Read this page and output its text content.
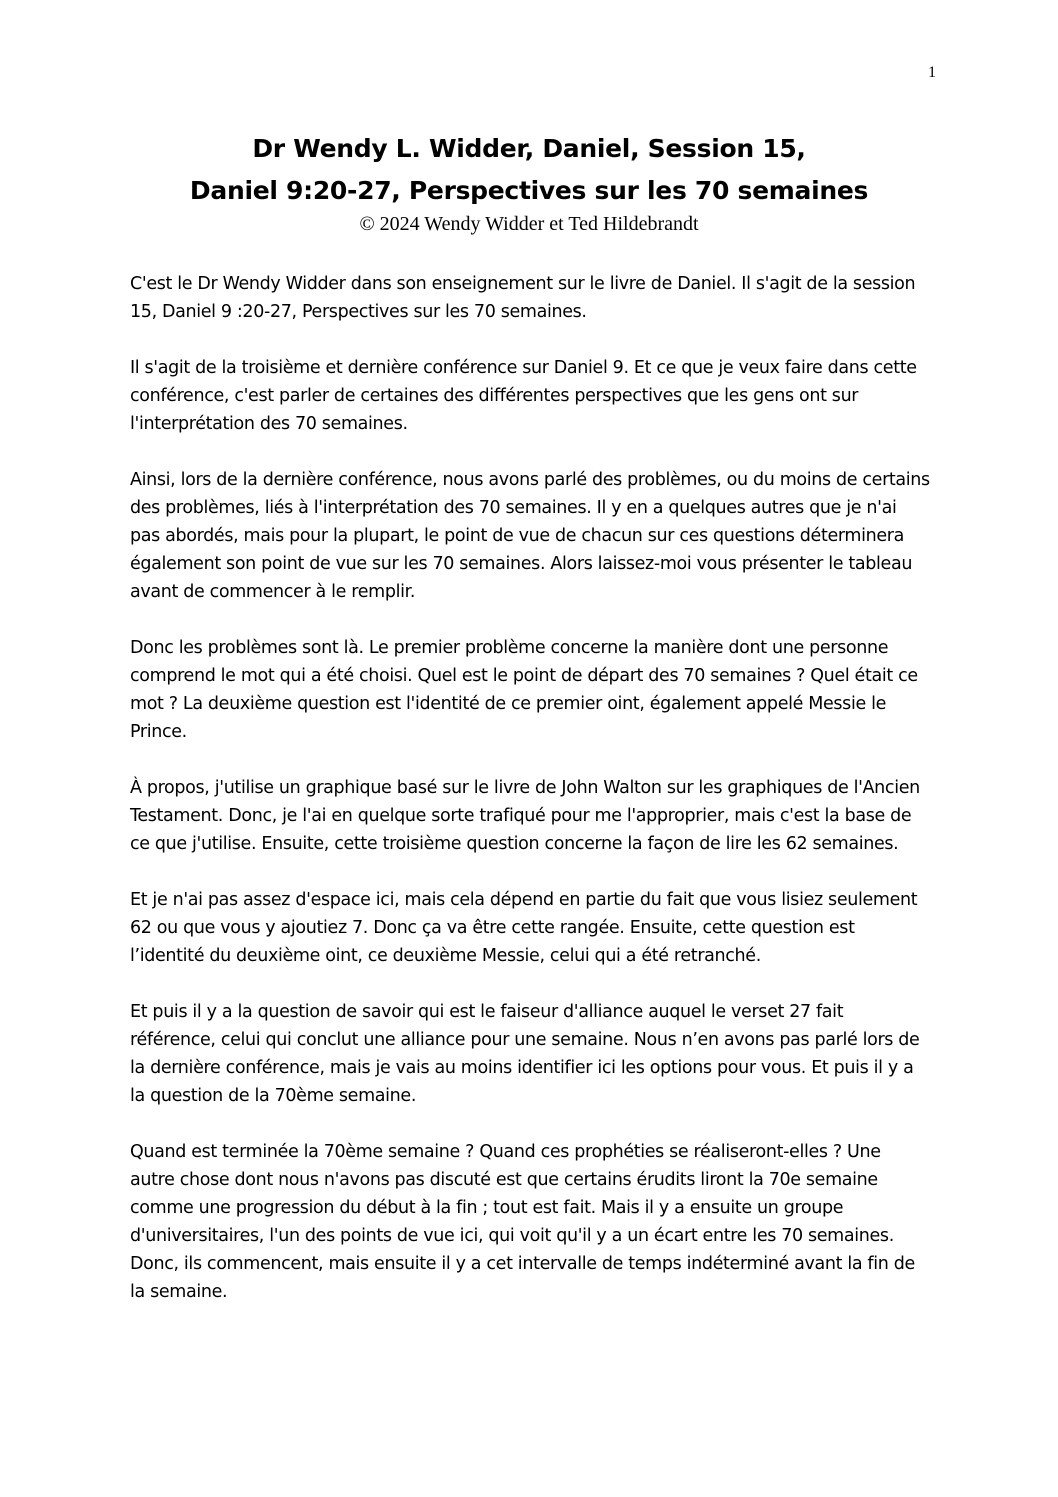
1

Dr Wendy L. Widder, Daniel, Session 15,

Daniel 9:20-27, Perspectives sur les 70 semaines

© 2024 Wendy Widder et Ted Hildebrandt

C'est le Dr Wendy Widder dans son enseignement sur le livre de Daniel. Il s'agit de la session 15, Daniel 9 :20-27, Perspectives sur les 70 semaines.

Il s'agit de la troisième et dernière conférence sur Daniel 9. Et ce que je veux faire dans cette conférence, c'est parler de certaines des différentes perspectives que les gens ont sur l'interprétation des 70 semaines.

Ainsi, lors de la dernière conférence, nous avons parlé des problèmes, ou du moins de certains des problèmes, liés à l'interprétation des 70 semaines. Il y en a quelques autres que je n'ai pas abordés, mais pour la plupart, le point de vue de chacun sur ces questions déterminera également son point de vue sur les 70 semaines. Alors laissez-moi vous présenter le tableau avant de commencer à le remplir.

Donc les problèmes sont là. Le premier problème concerne la manière dont une personne comprend le mot qui a été choisi. Quel est le point de départ des 70 semaines ? Quel était ce mot ? La deuxième question est l'identité de ce premier oint, également appelé Messie le Prince.

À propos, j'utilise un graphique basé sur le livre de John Walton sur les graphiques de l'Ancien Testament. Donc, je l'ai en quelque sorte trafiqué pour me l'approprier, mais c'est la base de ce que j'utilise. Ensuite, cette troisième question concerne la façon de lire les 62 semaines.

Et je n'ai pas assez d'espace ici, mais cela dépend en partie du fait que vous lisiez seulement 62 ou que vous y ajoutiez 7. Donc ça va être cette rangée. Ensuite, cette question est l’identité du deuxième oint, ce deuxième Messie, celui qui a été retranché.

Et puis il y a la question de savoir qui est le faiseur d'alliance auquel le verset 27 fait référence, celui qui conclut une alliance pour une semaine. Nous n’en avons pas parlé lors de la dernière conférence, mais je vais au moins identifier ici les options pour vous. Et puis il y a la question de la 70ème semaine.

Quand est terminée la 70ème semaine ? Quand ces prophéties se réaliseront-elles ? Une autre chose dont nous n'avons pas discuté est que certains érudits liront la 70e semaine comme une progression du début à la fin ; tout est fait. Mais il y a ensuite un groupe d'universitaires, l'un des points de vue ici, qui voit qu'il y a un écart entre les 70 semaines. Donc, ils commencent, mais ensuite il y a cet intervalle de temps indéterminé avant la fin de la semaine.
